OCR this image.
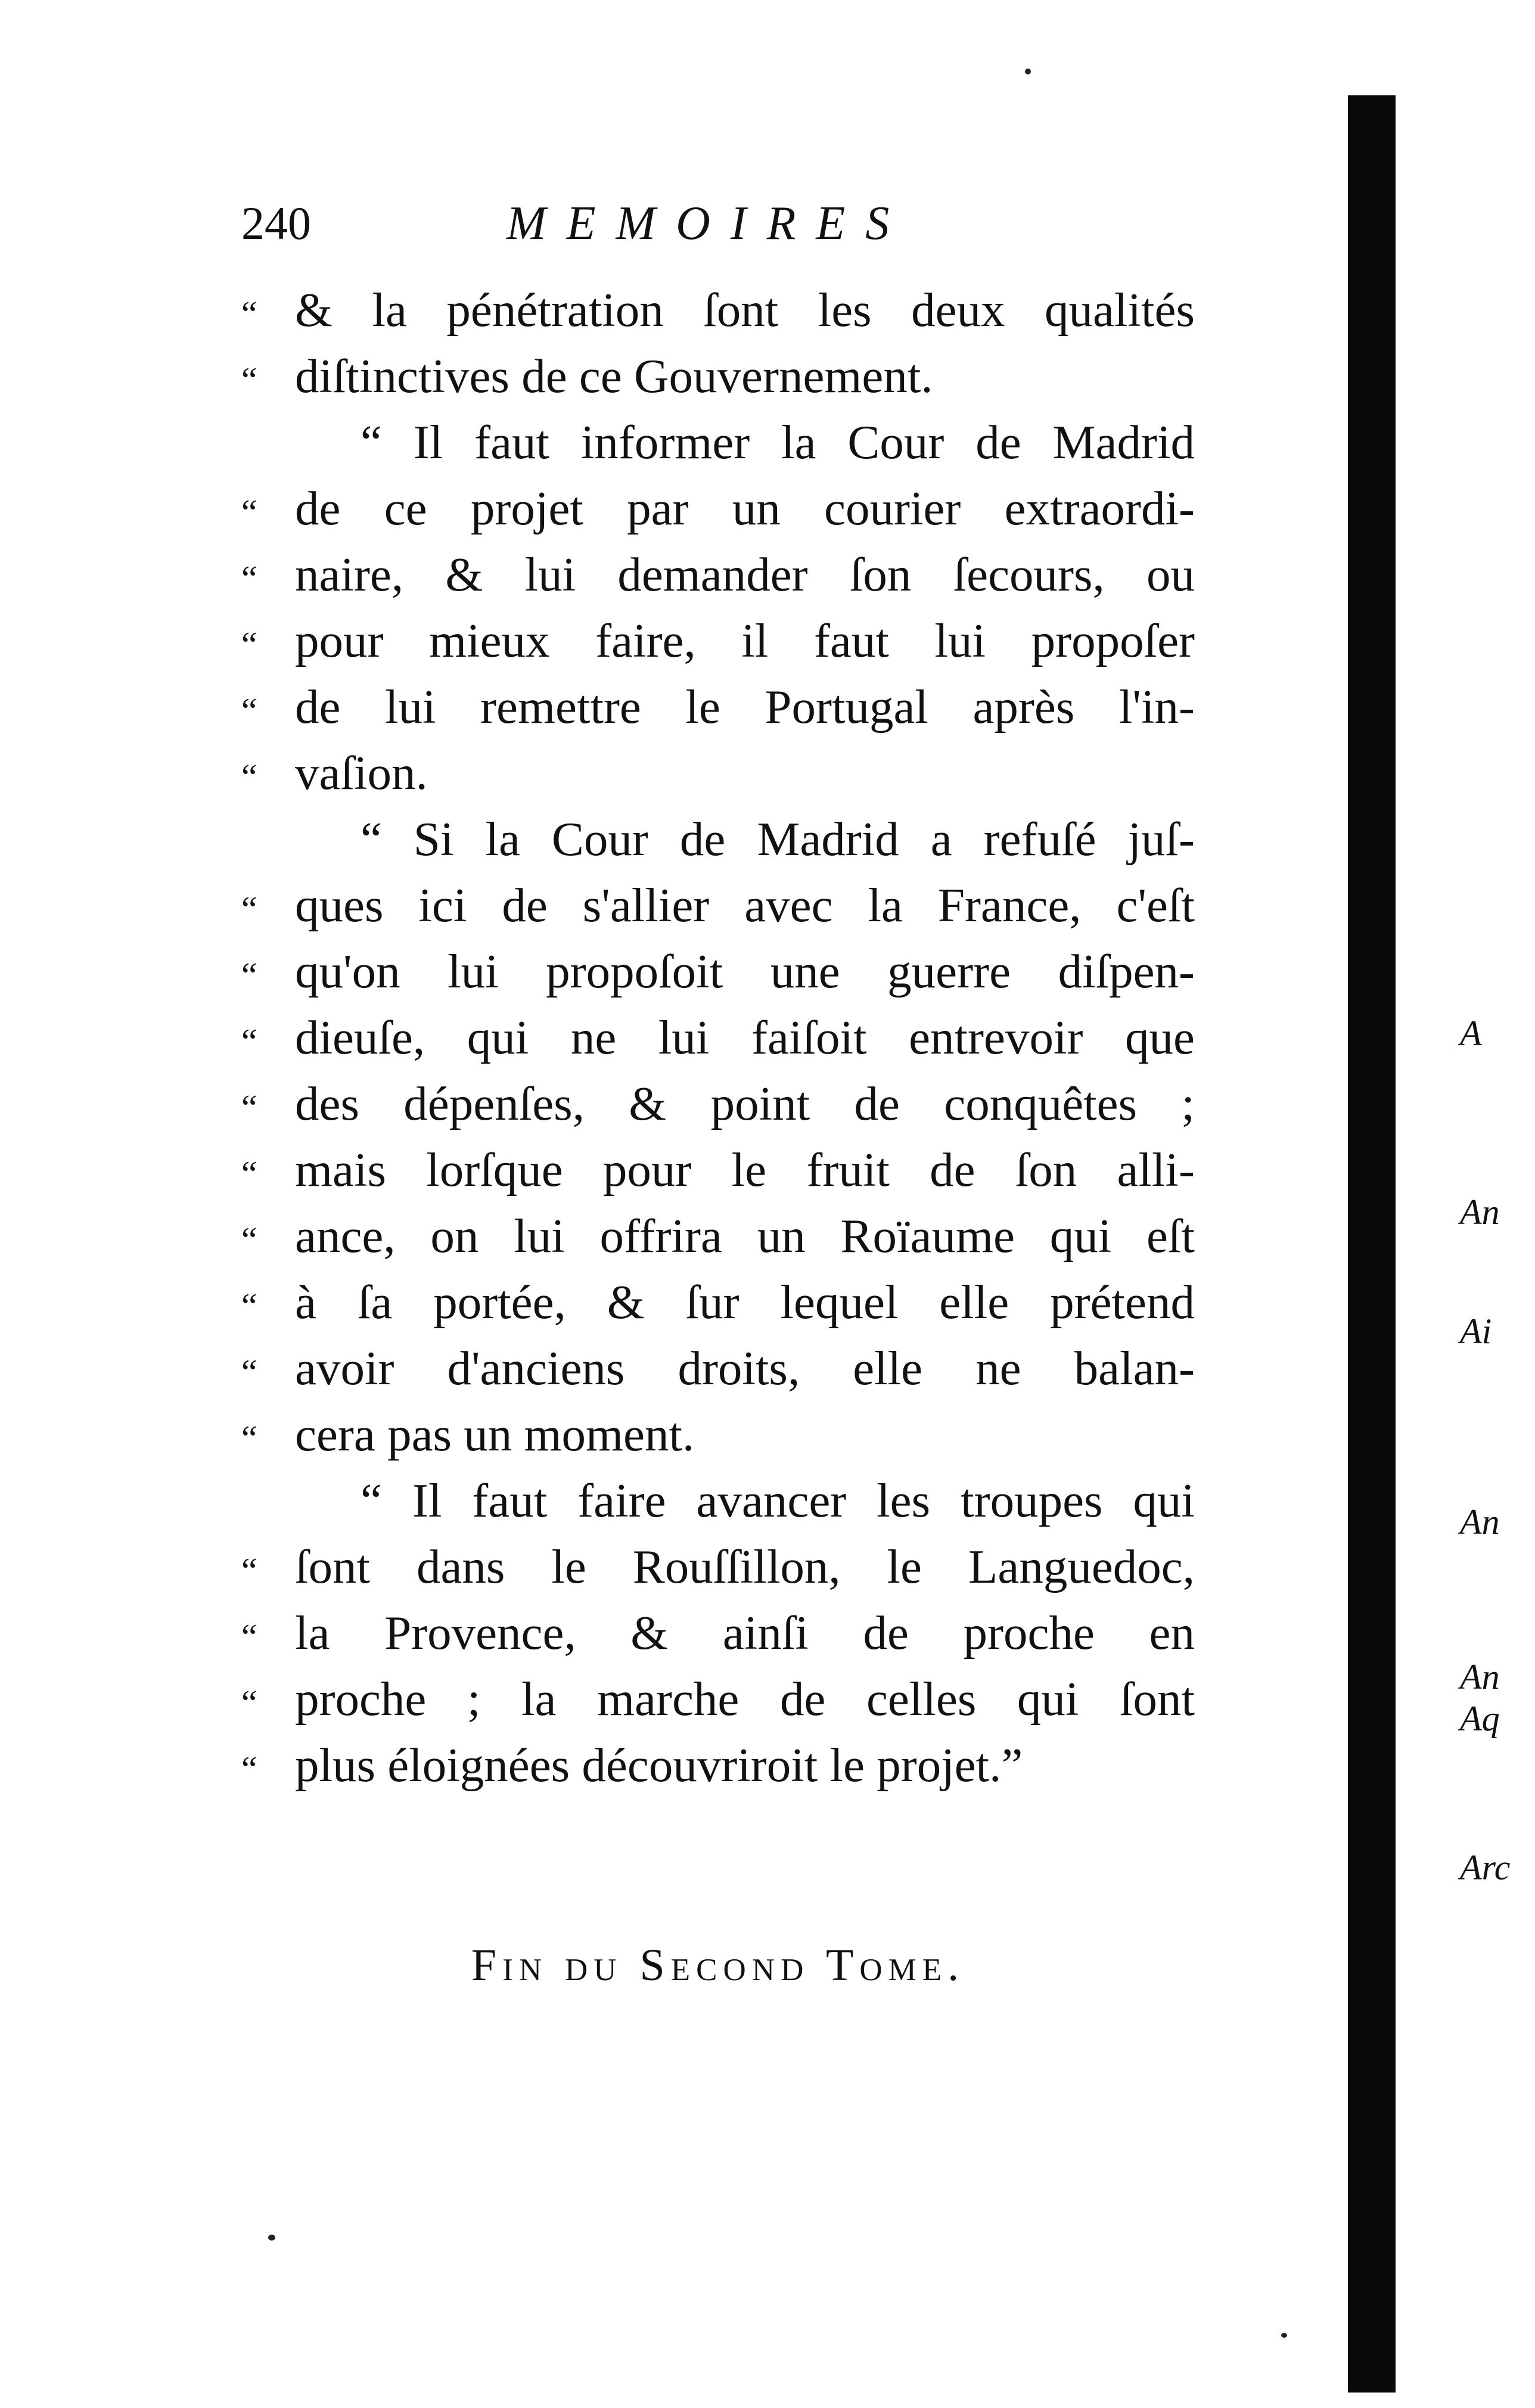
240	MEMOIRES
“ & la pénétration ſont les deux qualités
“ diſtinctives de ce Gouvernement.
“ Il faut informer la Cour de Madrid
“ de ce projet par un courier extraordi-
“ naire, & lui demander ſon ſecours, ou
“ pour mieux faire, il faut lui propoſer
“ de lui remettre le Portugal après l'in-
“ vaſion.
“ Si la Cour de Madrid a refuſé juſ-
“ ques ici de s'allier avec la France, c'eſt
“ qu'on lui propoſoit une guerre diſpen-
“ dieuſe, qui ne lui faiſoit entrevoir que
“ des dépenſes, & point de conquêtes ;
“ mais lorſque pour le fruit de ſon alli-
“ ance, on lui offrira un Roïaume qui eſt
“ à ſa portée, & ſur lequel elle prétend
“ avoir d'anciens droits, elle ne balan-
“ cera pas un moment.
“ Il faut faire avancer les troupes qui
“ ſont dans le Rouſſillon, le Languedoc,
“ la Provence, & ainſi de proche en
“ proche ; la marche de celles qui ſont
“ plus éloignées découvriroit le projet.”
Fin du Second Tome.
A
An
Ai
An
An
Aq
Arc
